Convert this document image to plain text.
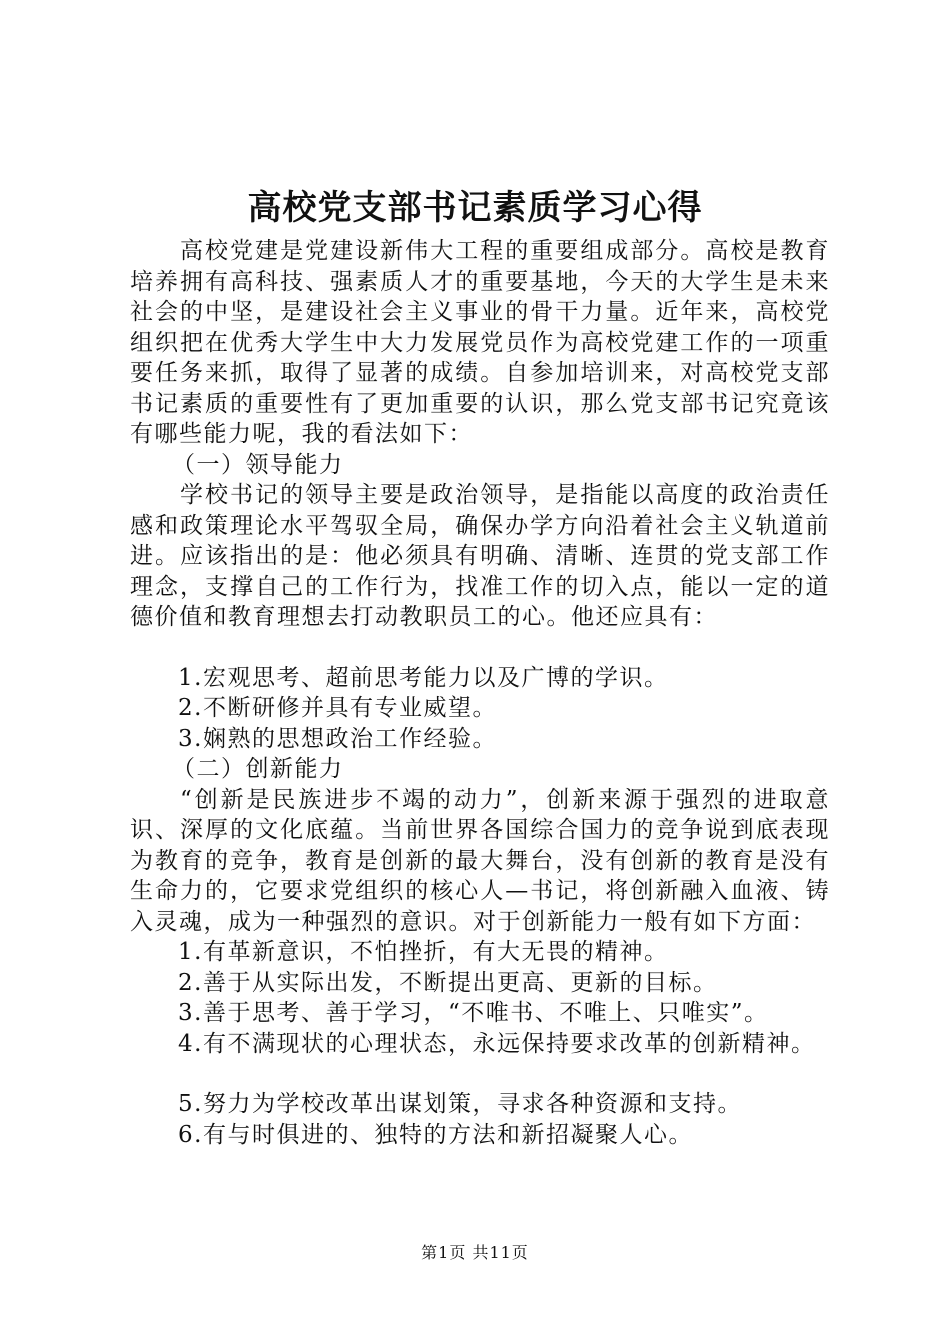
高校党支部书记素质学习心得

高校党建是党建设新伟大工程的重要组成部分。高校是教育培养拥有高科技、强素质人才的重要基地，今天的大学生是未来社会的中坚，是建设社会主义事业的骨干力量。近年来，高校党组织把在优秀大学生中大力发展党员作为高校党建工作的一项重要任务来抓，取得了显著的成绩。自参加培训来，对高校党支部书记素质的重要性有了更加重要的认识，那么党支部书记究竟该有哪些能力呢，我的看法如下：

（一）领导能力

学校书记的领导主要是政治领导，是指能以高度的政治责任感和政策理论水平驾驭全局，确保办学方向沿着社会主义轨道前进。应该指出的是：他必须具有明确、清晰、连贯的党支部工作理念，支撑自己的工作行为，找准工作的切入点，能以一定的道德价值和教育理想去打动教职员工的心。他还应具有：

1.宏观思考、超前思考能力以及广博的学识。

2.不断研修并具有专业威望。

3.娴熟的思想政治工作经验。

（二）创新能力

“创新是民族进步不竭的动力”，创新来源于强烈的进取意识、深厚的文化底蕴。当前世界各国综合国力的竞争说到底表现为教育的竞争，教育是创新的最大舞台，没有创新的教育是没有生命力的，它要求党组织的核心人—书记，将创新融入血液、铸入灵魂，成为一种强烈的意识。对于创新能力一般有如下方面：

1.有革新意识，不怕挫折，有大无畏的精神。

2.善于从实际出发，不断提出更高、更新的目标。

3.善于思考、善于学习，“不唯书、不唯上、只唯实”。

4.有不满现状的心理状态，永远保持要求改革的创新精神。

5.努力为学校改革出谋划策，寻求各种资源和支持。

6.有与时俱进的、独特的方法和新招凝聚人心。

第1页 共11页
